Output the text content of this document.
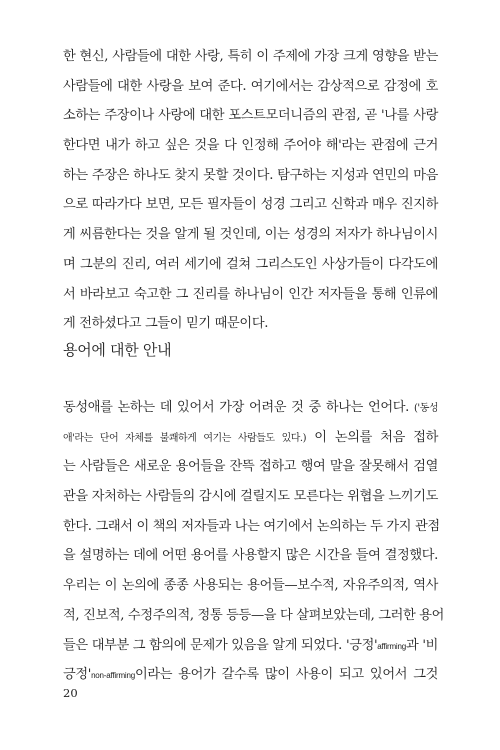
한 현신, 사람들에 대한 사랑, 특히 이 주제에 가장 크게 영향을 받는
사람들에 대한 사랑을 보여 준다. 여기에서는 감상적으로 감정에 호
소하는 주장이나 사랑에 대한 포스트모더니즘의 관점, 곧 '나를 사랑
한다면 내가 하고 싶은 것을 다 인정해 주어야 해'라는 관점에 근거
하는 주장은 하나도 찾지 못할 것이다. 탐구하는 지성과 연민의 마음
으로 따라가다 보면, 모든 필자들이 성경 그리고 신학과 매우 진지하
게 씨름한다는 것을 알게 될 것인데, 이는 성경의 저자가 하나님이시
며 그분의 진리, 여러 세기에 걸쳐 그리스도인 사상가들이 다각도에
서 바라보고 숙고한 그 진리를 하나님이 인간 저자들을 통해 인류에
게 전하셨다고 그들이 믿기 때문이다.
용어에 대한 안내
동성애를 논하는 데 있어서 가장 어려운 것 중 하나는 언어다. ('동성
애'라는 단어 자체를 불쾌하게 여기는 사람들도 있다.) 이 논의를 처음 접하
는 사람들은 새로운 용어들을 잔뜩 접하고 행여 말을 잘못해서 검열
관을 자처하는 사람들의 감시에 걸릴지도 모른다는 위협을 느끼기도
한다. 그래서 이 책의 저자들과 나는 여기에서 논의하는 두 가지 관점
을 설명하는 데에 어떤 용어를 사용할지 많은 시간을 들여 결정했다.
우리는 이 논의에 종종 사용되는 용어들—보수적, 자유주의적, 역사
적, 진보적, 수정주의적, 정통 등등—을 다 살펴보았는데, 그러한 용어
들은 대부분 그 함의에 문제가 있음을 알게 되었다. '긍정'affirming과 '비
긍정'non-affirming이라는 용어가 갈수록 많이 사용이 되고 있어서 그것
20
